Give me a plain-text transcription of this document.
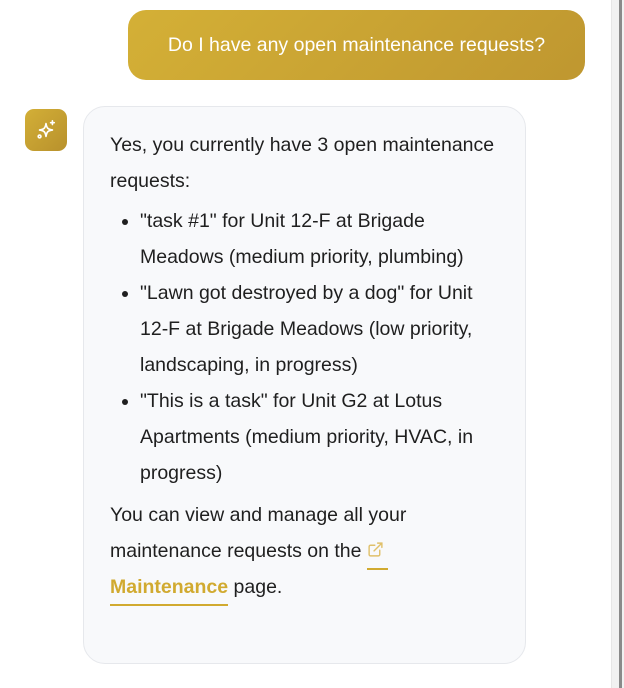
Do I have any open maintenance requests?

Yes, you currently have 3 open maintenance requests:

• "task #1" for Unit 12-F at Brigade Meadows (medium priority, plumbing)
• "Lawn got destroyed by a dog" for Unit 12-F at Brigade Meadows (low priority, landscaping, in progress)
• "This is a task" for Unit G2 at Lotus Apartments (medium priority, HVAC, in progress)

You can view and manage all your maintenance requests on the Maintenance page.
